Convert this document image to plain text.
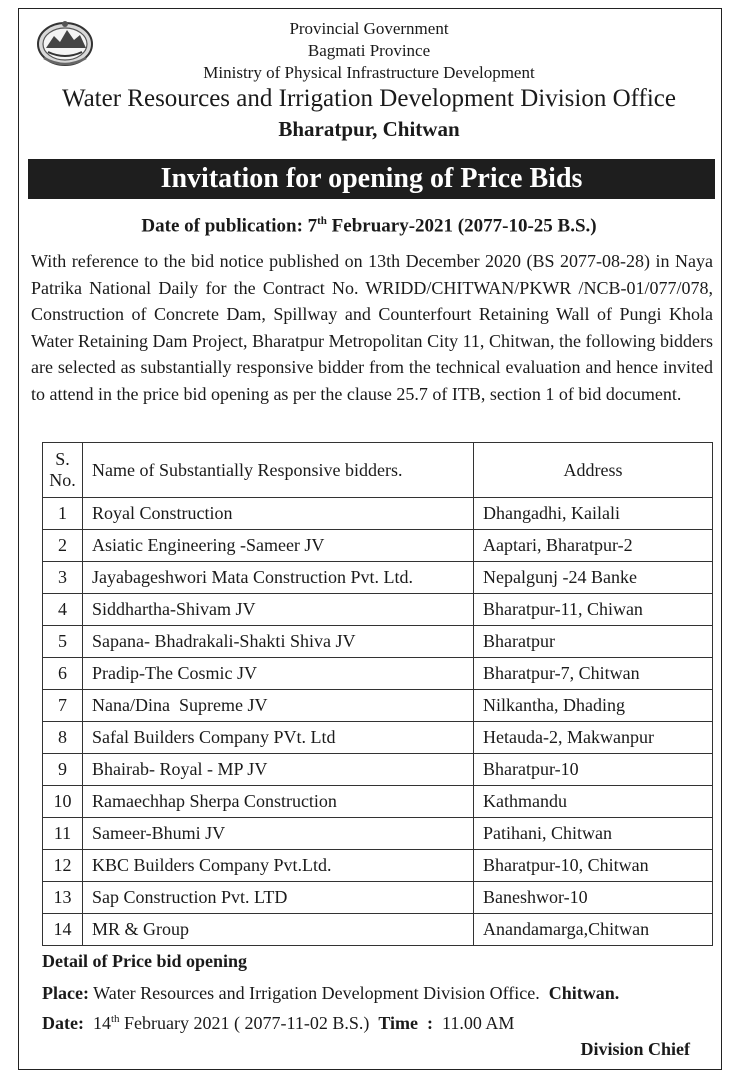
Provincial Government
Bagmati Province
Ministry of Physical Infrastructure Development
Water Resources and Irrigation Development Division Office
Bharatpur, Chitwan
Invitation for opening of Price Bids
Date of publication: 7th February-2021 (2077-10-25 B.S.)
With reference to the bid notice published on 13th December 2020 (BS 2077-08-28) in Naya Patrika National Daily for the Contract No. WRIDD/CHITWAN/PKWR /NCB-01/077/078, Construction of Concrete Dam, Spillway and Counterfourt Retaining Wall of Pungi Khola Water Retaining Dam Project, Bharatpur Metropolitan City 11, Chitwan, the following bidders are selected as substantially responsive bidder from the technical evaluation and hence invited to attend in the price bid opening as per the clause 25.7 of ITB, section 1 of bid document.
S.
No.	Name of Substantially Responsive bidders.	Address
1	Royal Construction	Dhangadhi, Kailali
2	Asiatic Engineering -Sameer JV	Aaptari, Bharatpur-2
3	Jayabageshwori Mata Construction Pvt. Ltd.	Nepalgunj -24 Banke
4	Siddhartha-Shivam JV	Bharatpur-11, Chiwan
5	Sapana- Bhadrakali-Shakti Shiva JV	Bharatpur
6	Pradip-The Cosmic JV	Bharatpur-7, Chitwan
7	Nana/Dina  Supreme JV	Nilkantha, Dhading
8	Safal Builders Company PVt. Ltd	Hetauda-2, Makwanpur
9	Bhairab- Royal - MP JV	Bharatpur-10
10	Ramaechhap Sherpa Construction	Kathmandu
11	Sameer-Bhumi JV	Patihani, Chitwan
12	KBC Builders Company Pvt.Ltd.	Bharatpur-10, Chitwan
13	Sap Construction Pvt. LTD	Baneshwor-10
14	MR & Group	Anandamarga,Chitwan
Detail of Price bid opening
Place: Water Resources and Irrigation Development Division Office. Chitwan.
Date: 14th February 2021 ( 2077-11-02 B.S.) Time  : 11.00 AM
Division Chief
